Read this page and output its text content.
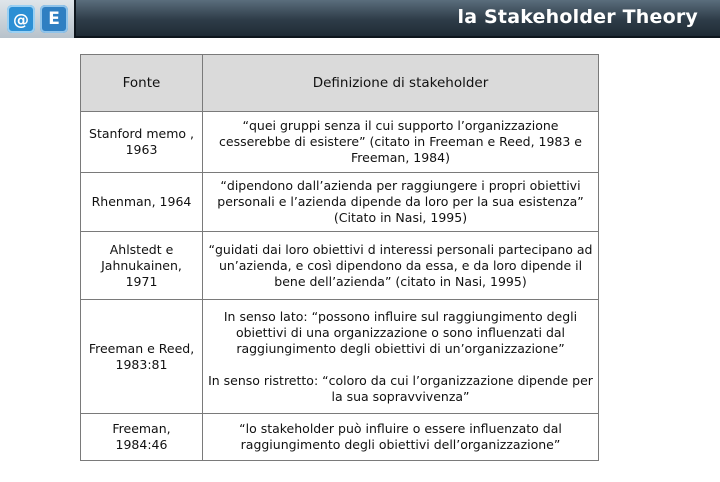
@	E	la Stakeholder Theory
Fonte	Definizione di stakeholder
Stanford memo , 1963	“quei gruppi senza il cui supporto l’organizzazione cesserebbe di esistere” (citato in Freeman e Reed, 1983 e Freeman, 1984)
Rhenman, 1964	“dipendono dall’azienda per raggiungere i propri obiettivi personali e l’azienda dipende da loro per la sua esistenza” (Citato in Nasi, 1995)
Ahlstedt e Jahnukainen, 1971	“guidati dai loro obiettivi d interessi personali partecipano ad un’azienda, e così dipendono da essa, e da loro dipende il bene dell’azienda” (citato in Nasi, 1995)
Freeman e Reed, 1983:81	In senso lato: “possono influire sul raggiungimento degli obiettivi di una organizzazione o sono influenzati dal raggiungimento degli obiettivi di un’organizzazione”
In senso ristretto: “coloro da cui l’organizzazione dipende per la sua sopravvivenza”

Freeman, 1984:46	“lo stakeholder può influire o essere influenzato dal raggiungimento degli obiettivi dell’organizzazione”
